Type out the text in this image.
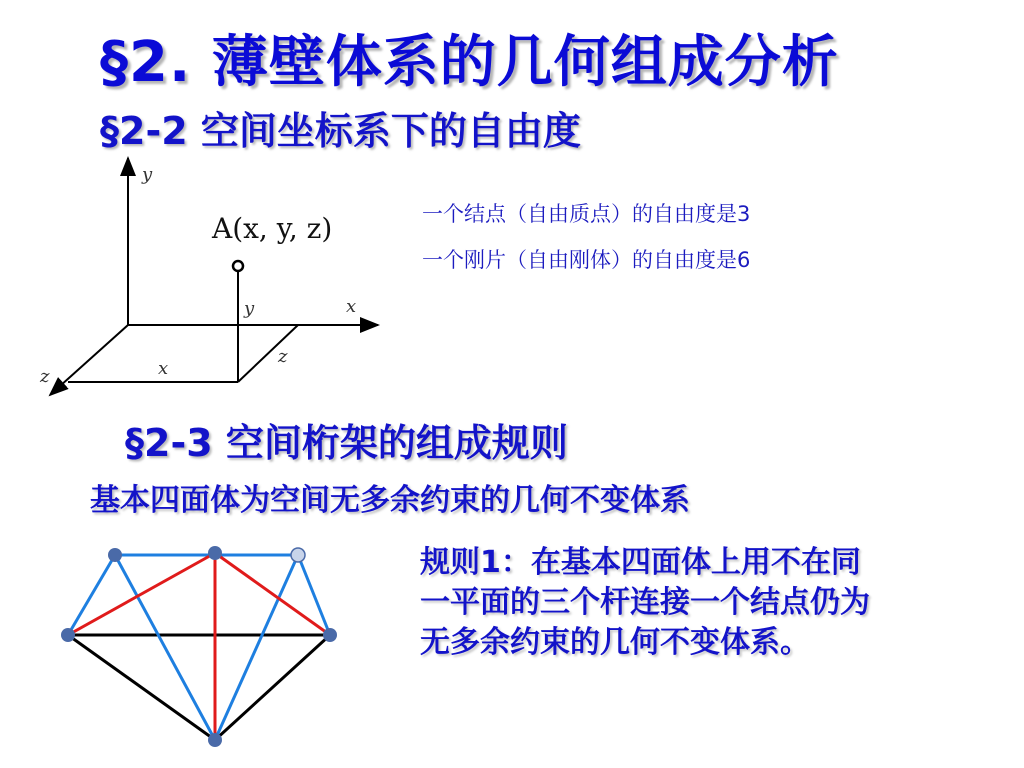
§2. 薄壁体系的几何组成分析
§2-2 空间坐标系下的自由度
一个结点（自由质点）的自由度是3
一个刚片（自由刚体）的自由度是6
A(x, y, z)
y
x
z
y
x
z
§2-3 空间桁架的组成规则
基本四面体为空间无多余约束的几何不变体系
规则1：在基本四面体上用不在同
一平面的三个杆连接一个结点仍为
无多余约束的几何不变体系。
